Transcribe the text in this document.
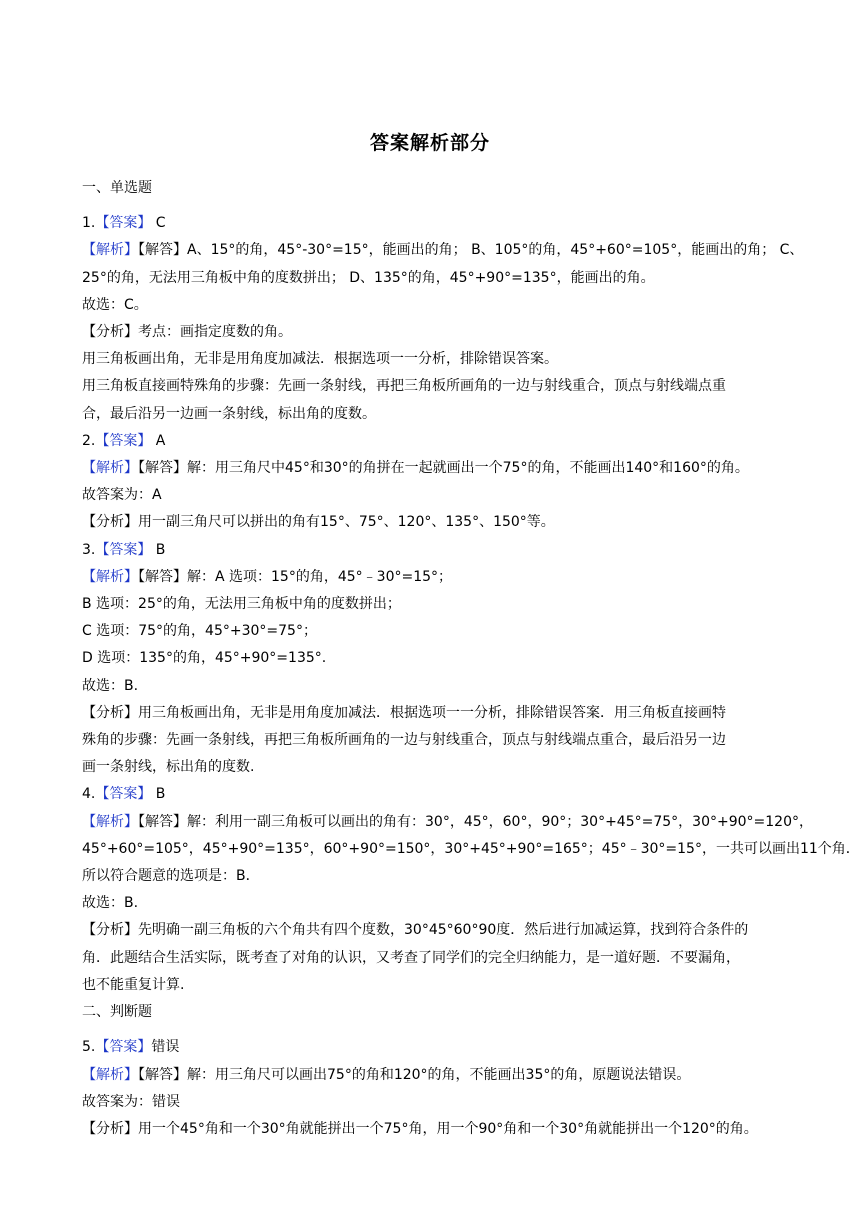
答案解析部分
一、单选题
1.【答案】 C
【解析】【解答】A、15°的角，45°-30°=15°，能画出的角； B、105°的角，45°+60°=105°，能画出的角； C、
25°的角，无法用三角板中角的度数拼出； D、135°的角，45°+90°=135°，能画出的角。
故选：C。
【分析】考点：画指定度数的角。
用三角板画出角，无非是用角度加减法．根据选项一一分析，排除错误答案。
用三角板直接画特殊角的步骤：先画一条射线，再把三角板所画角的一边与射线重合，顶点与射线端点重
合，最后沿另一边画一条射线，标出角的度数。
2.【答案】 A
【解析】【解答】解：用三角尺中45°和30°的角拼在一起就画出一个75°的角，不能画出140°和160°的角。
故答案为：A
【分析】用一副三角尺可以拼出的角有15°、75°、120°、135°、150°等。
3.【答案】 B
【解析】【解答】解：A 选项：15°的角，45°﹣30°=15°；
B 选项：25°的角，无法用三角板中角的度数拼出；
C 选项：75°的角，45°+30°=75°；
D 选项：135°的角，45°+90°=135°.
故选：B.
【分析】用三角板画出角，无非是用角度加减法．根据选项一一分析，排除错误答案．用三角板直接画特
殊角的步骤：先画一条射线，再把三角板所画角的一边与射线重合，顶点与射线端点重合，最后沿另一边
画一条射线，标出角的度数.
4.【答案】 B
【解析】【解答】解：利用一副三角板可以画出的角有：30°，45°，60°，90°；30°+45°=75°，30°+90°=120°，
45°+60°=105°，45°+90°=135°，60°+90°=150°，30°+45°+90°=165°；45°﹣30°=15°，一共可以画出11个角．
所以符合题意的选项是：B．
故选：B.
【分析】先明确一副三角板的六个角共有四个度数，30°45°60°90度．然后进行加减运算，找到符合条件的
角．此题结合生活实际，既考查了对角的认识，又考查了同学们的完全归纳能力，是一道好题．不要漏角，
也不能重复计算.
二、判断题
5.【答案】错误
【解析】【解答】解：用三角尺可以画出75°的角和120°的角，不能画出35°的角，原题说法错误。
故答案为：错误
【分析】用一个45°角和一个30°角就能拼出一个75°角，用一个90°角和一个30°角就能拼出一个120°的角。
